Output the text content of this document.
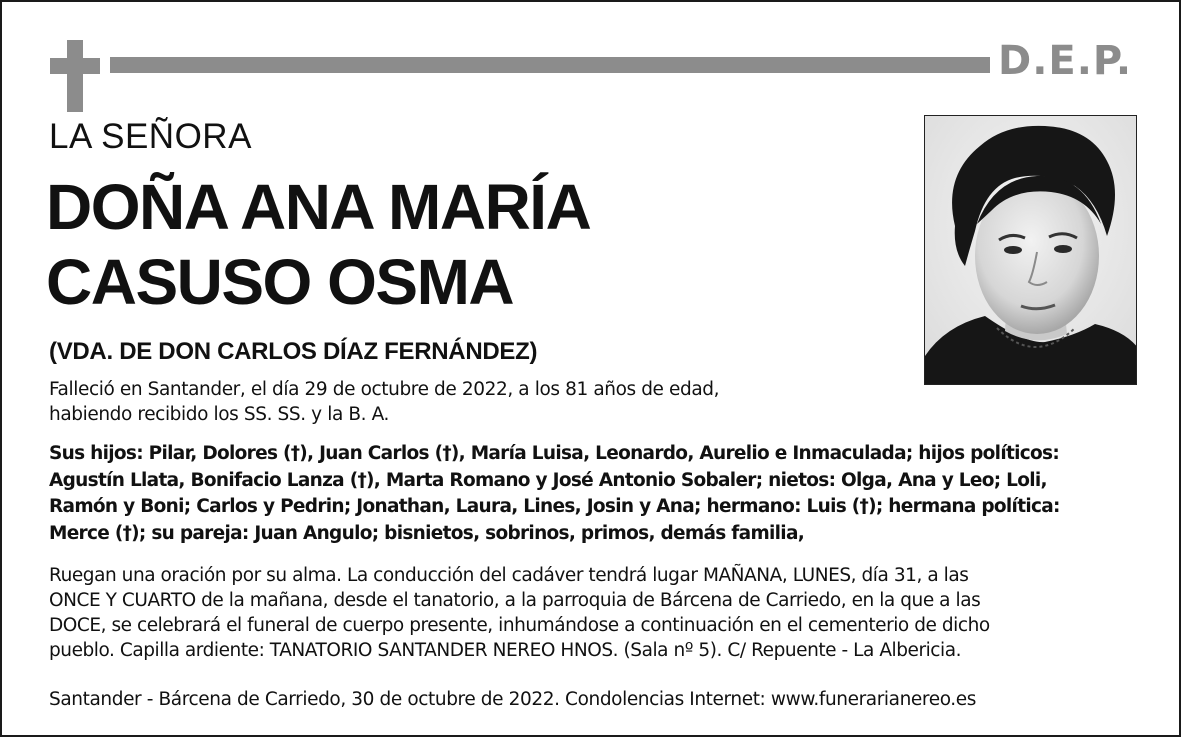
D.E.P.
LA SEÑORA
DOÑA ANA MARÍA
CASUSO OSMA
(VDA. DE DON CARLOS DÍAZ FERNÁNDEZ)
Falleció en Santander, el día 29 de octubre de 2022, a los 81 años de edad,
habiendo recibido los SS. SS. y la B. A.
Sus hijos: Pilar, Dolores (†), Juan Carlos (†), María Luisa, Leonardo, Aurelio e Inmaculada; hijos políticos:
Agustín Llata, Bonifacio Lanza (†), Marta Romano y José Antonio Sobaler; nietos: Olga, Ana y Leo; Loli,
Ramón y Boni; Carlos y Pedrin; Jonathan, Laura, Lines, Josin y Ana; hermano: Luis (†); hermana política:
Merce (†); su pareja: Juan Angulo; bisnietos, sobrinos, primos, demás familia,
Ruegan una oración por su alma. La conducción del cadáver tendrá lugar MAÑANA, LUNES, día 31, a las
ONCE Y CUARTO de la mañana, desde el tanatorio, a la parroquia de Bárcena de Carriedo, en la que a las
DOCE, se celebrará el funeral de cuerpo presente, inhumándose a continuación en el cementerio de dicho
pueblo. Capilla ardiente: TANATORIO SANTANDER NEREO HNOS. (Sala nº 5). C/ Repuente - La Albericia.
Santander - Bárcena de Carriedo, 30 de octubre de 2022. Condolencias Internet: www.funerarianereo.es
